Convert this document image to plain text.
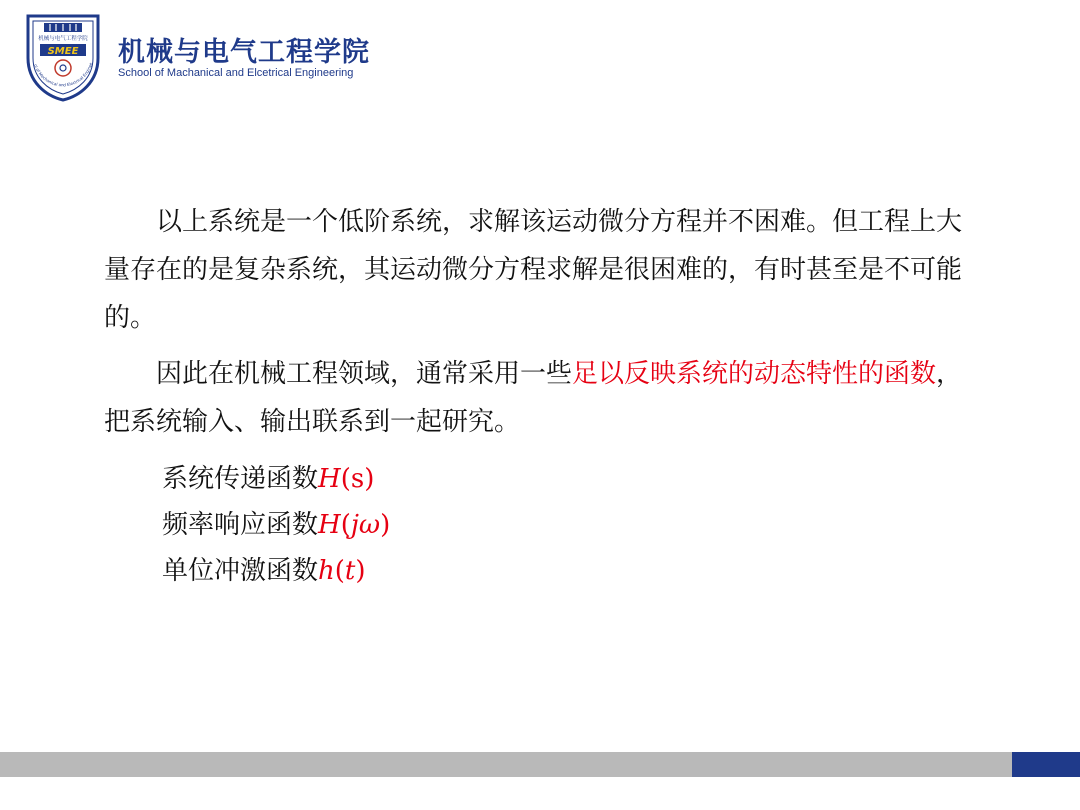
机械与电气工程学院
SMEE
ol of Mechanical and Electrical Enginee 机械与电气工程学院
School of Machanical and Elcetrical Engineering

以上系统是一个低阶系统，求解该运动微分方程并不困难。但工程上大量存在的是复杂系统，其运动微分方程求解是很困难的，有时甚至是不可能的。

因此在机械工程领域，通常采用一些足以反映系统的动态特性的函数，把系统输入、输出联系到一起研究。

系统传递函数H(s)
频率响应函数H(jω)
单位冲激函数h(t)
